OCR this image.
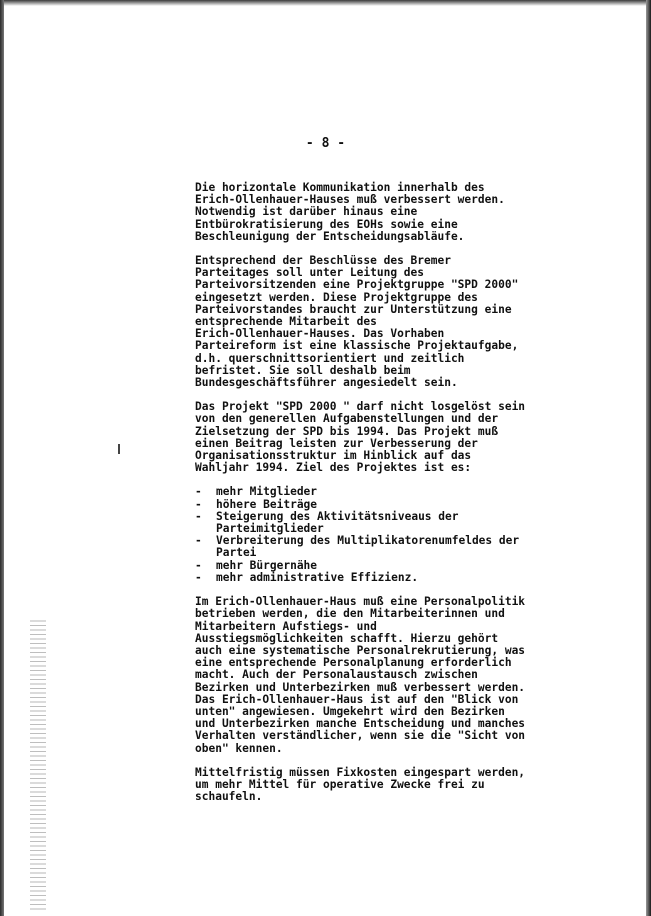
- 8 -

Die horizontale Kommunikation innerhalb des
Erich-Ollenhauer-Hauses muß verbessert werden.
Notwendig ist darüber hinaus eine
Entbürokratisierung des EOHs sowie eine
Beschleunigung der Entscheidungsabläufe.

Entsprechend der Beschlüsse des Bremer
Parteitages soll unter Leitung des
Parteivorsitzenden eine Projektgruppe "SPD 2000"
eingesetzt werden. Diese Projektgruppe des
Parteivorstandes braucht zur Unterstützung eine
entsprechende Mitarbeit des
Erich-Ollenhauer-Hauses. Das Vorhaben
Parteireform ist eine klassische Projektaufgabe,
d.h. querschnittsorientiert und zeitlich
befristet. Sie soll deshalb beim
Bundesgeschäftsführer angesiedelt sein.

Das Projekt "SPD 2000 " darf nicht losgelöst sein
von den generellen Aufgabenstellungen und der
Zielsetzung der SPD bis 1994. Das Projekt muß
einen Beitrag leisten zur Verbesserung der
Organisationsstruktur im Hinblick auf das
Wahljahr 1994. Ziel des Projektes ist es:

- mehr Mitglieder
- höhere Beiträge
- Steigerung des Aktivitätsniveaus der
Parteimitglieder
- Verbreiterung des Multiplikatorenumfeldes der
Partei
- mehr Bürgernähe
- mehr administrative Effizienz.

Im Erich-Ollenhauer-Haus muß eine Personalpolitik
betrieben werden, die den Mitarbeiterinnen und
Mitarbeitern Aufstiegs- und
Ausstiegsmöglichkeiten schafft. Hierzu gehört
auch eine systematische Personalrekrutierung, was
eine entsprechende Personalplanung erforderlich
macht. Auch der Personalaustausch zwischen
Bezirken und Unterbezirken muß verbessert werden.
Das Erich-Ollenhauer-Haus ist auf den "Blick von
unten" angewiesen. Umgekehrt wird den Bezirken
und Unterbezirken manche Entscheidung und manches
Verhalten verständlicher, wenn sie die "Sicht von
oben" kennen.

Mittelfristig müssen Fixkosten eingespart werden,
um mehr Mittel für operative Zwecke frei zu
schaufeln.
